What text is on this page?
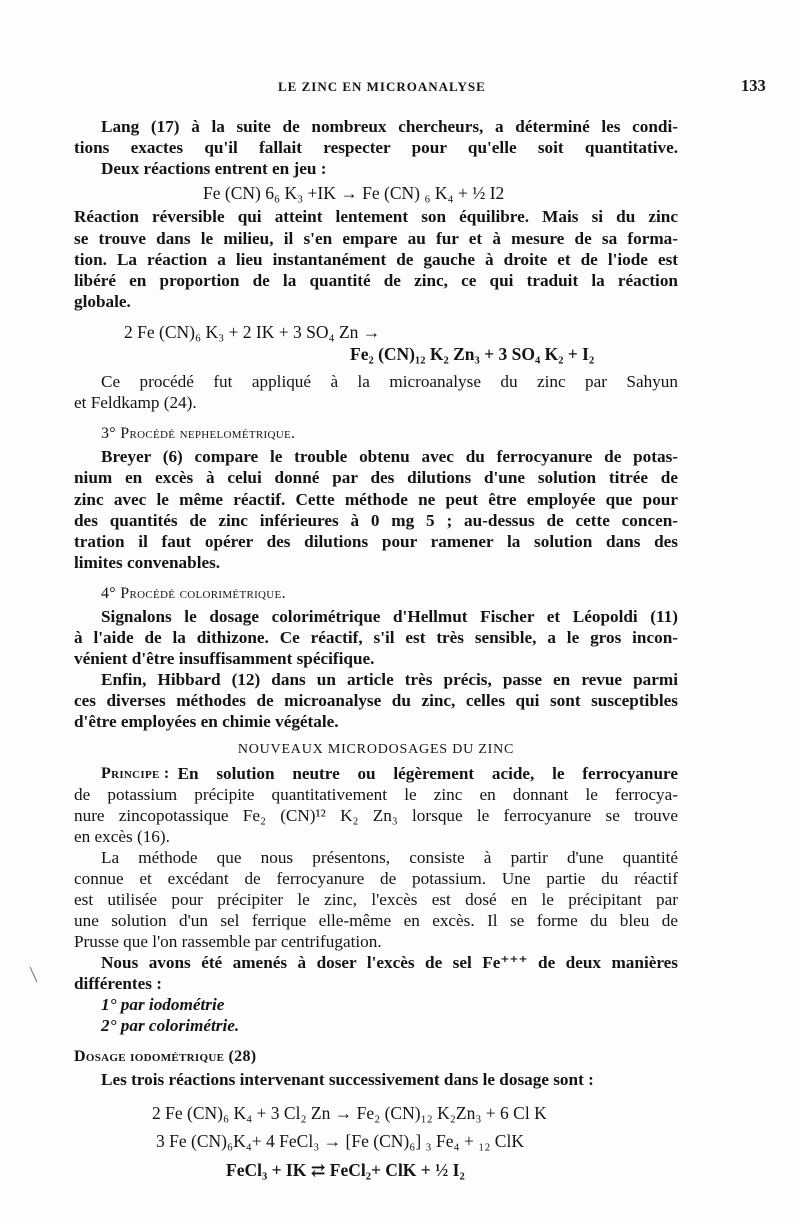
LE ZINC EN MICROANALYSE	133
Lang (17) à la suite de nombreux chercheurs, a déterminé les condi-
tions exactes qu'il fallait respecter pour qu'elle soit quantitative.
Deux réactions entrent en jeu :
Fe (CN) 6₆ K₃ +IK → Fe (CN) ₆ K₄ + ½ I2
Réaction réversible qui atteint lentement son équilibre. Mais si du zinc
se trouve dans le milieu, il s'en empare au fur et à mesure de sa forma-
tion. La réaction a lieu instantanément de gauche à droite et de l'iode est
libéré en proportion de la quantité de zinc, ce qui traduit la réaction
globale.
2 Fe (CN)₆ K₃ + 2 IK + 3 SO₄ Zn →
Fe₂ (CN)₁₂ K₂ Zn₃ + 3 SO₄ K₂ + I₂
Ce procédé fut appliqué à la microanalyse du zinc par Sahyun
et Feldkamp (24).
3° Procédé nephelométrique.
Breyer (6) compare le trouble obtenu avec du ferrocyanure de potas-
nium en excès à celui donné par des dilutions d'une solution titrée de
zinc avec le même réactif. Cette méthode ne peut être employée que pour
des quantités de zinc inférieures à 0 mg 5 ; au-dessus de cette concen-
tration il faut opérer des dilutions pour ramener la solution dans des
limites convenables.
4° Procédé colorimétrique.
Signalons le dosage colorimétrique d'Hellmut Fischer et Léopoldi (11)
à l'aide de la dithizone. Ce réactif, s'il est très sensible, a le gros incon-
vénient d'être insuffisamment spécifique.
Enfin, Hibbard (12) dans un article très précis, passe en revue parmi
ces diverses méthodes de microanalyse du zinc, celles qui sont susceptibles
d'être employées en chimie végétale.
NOUVEAUX MICRODOSAGES DU ZINC
Principe : En solution neutre ou légèrement acide, le ferrocyanure
de potassium précipite quantitativement le zinc en donnant le ferrocya-
nure zincopotassique Fe₂ (CN)¹² K₂ Zn₃ lorsque le ferrocyanure se trouve
en excès (16).
La méthode que nous présentons, consiste à partir d'une quantité
connue et excédant de ferrocyanure de potassium. Une partie du réactif
est utilisée pour précipiter le zinc, l'excès est dosé en le précipitant par
une solution d'un sel ferrique elle-même en excès. Il se forme du bleu de
Prusse que l'on rassemble par centrifugation.
Nous avons été amenés à doser l'excès de sel Fe⁺⁺⁺ de deux manières
différentes :
1° par iodométrie
2° par colorimétrie.
Dosage iodométrique (28)
Les trois réactions intervenant successivement dans le dosage sont :
2 Fe (CN)₆ K₄ + 3 Cl₂ Zn → Fe₂ (CN)₁₂ K₂Zn₃ + 6 Cl K
3 Fe (CN)₆K₄+ 4 FeCl₃ → [Fe (CN)₆] ₃ Fe₄ + ₁₂ ClK
FeCl₃ + IK ⇄ FeCl₂+ ClK + ½ I₂
